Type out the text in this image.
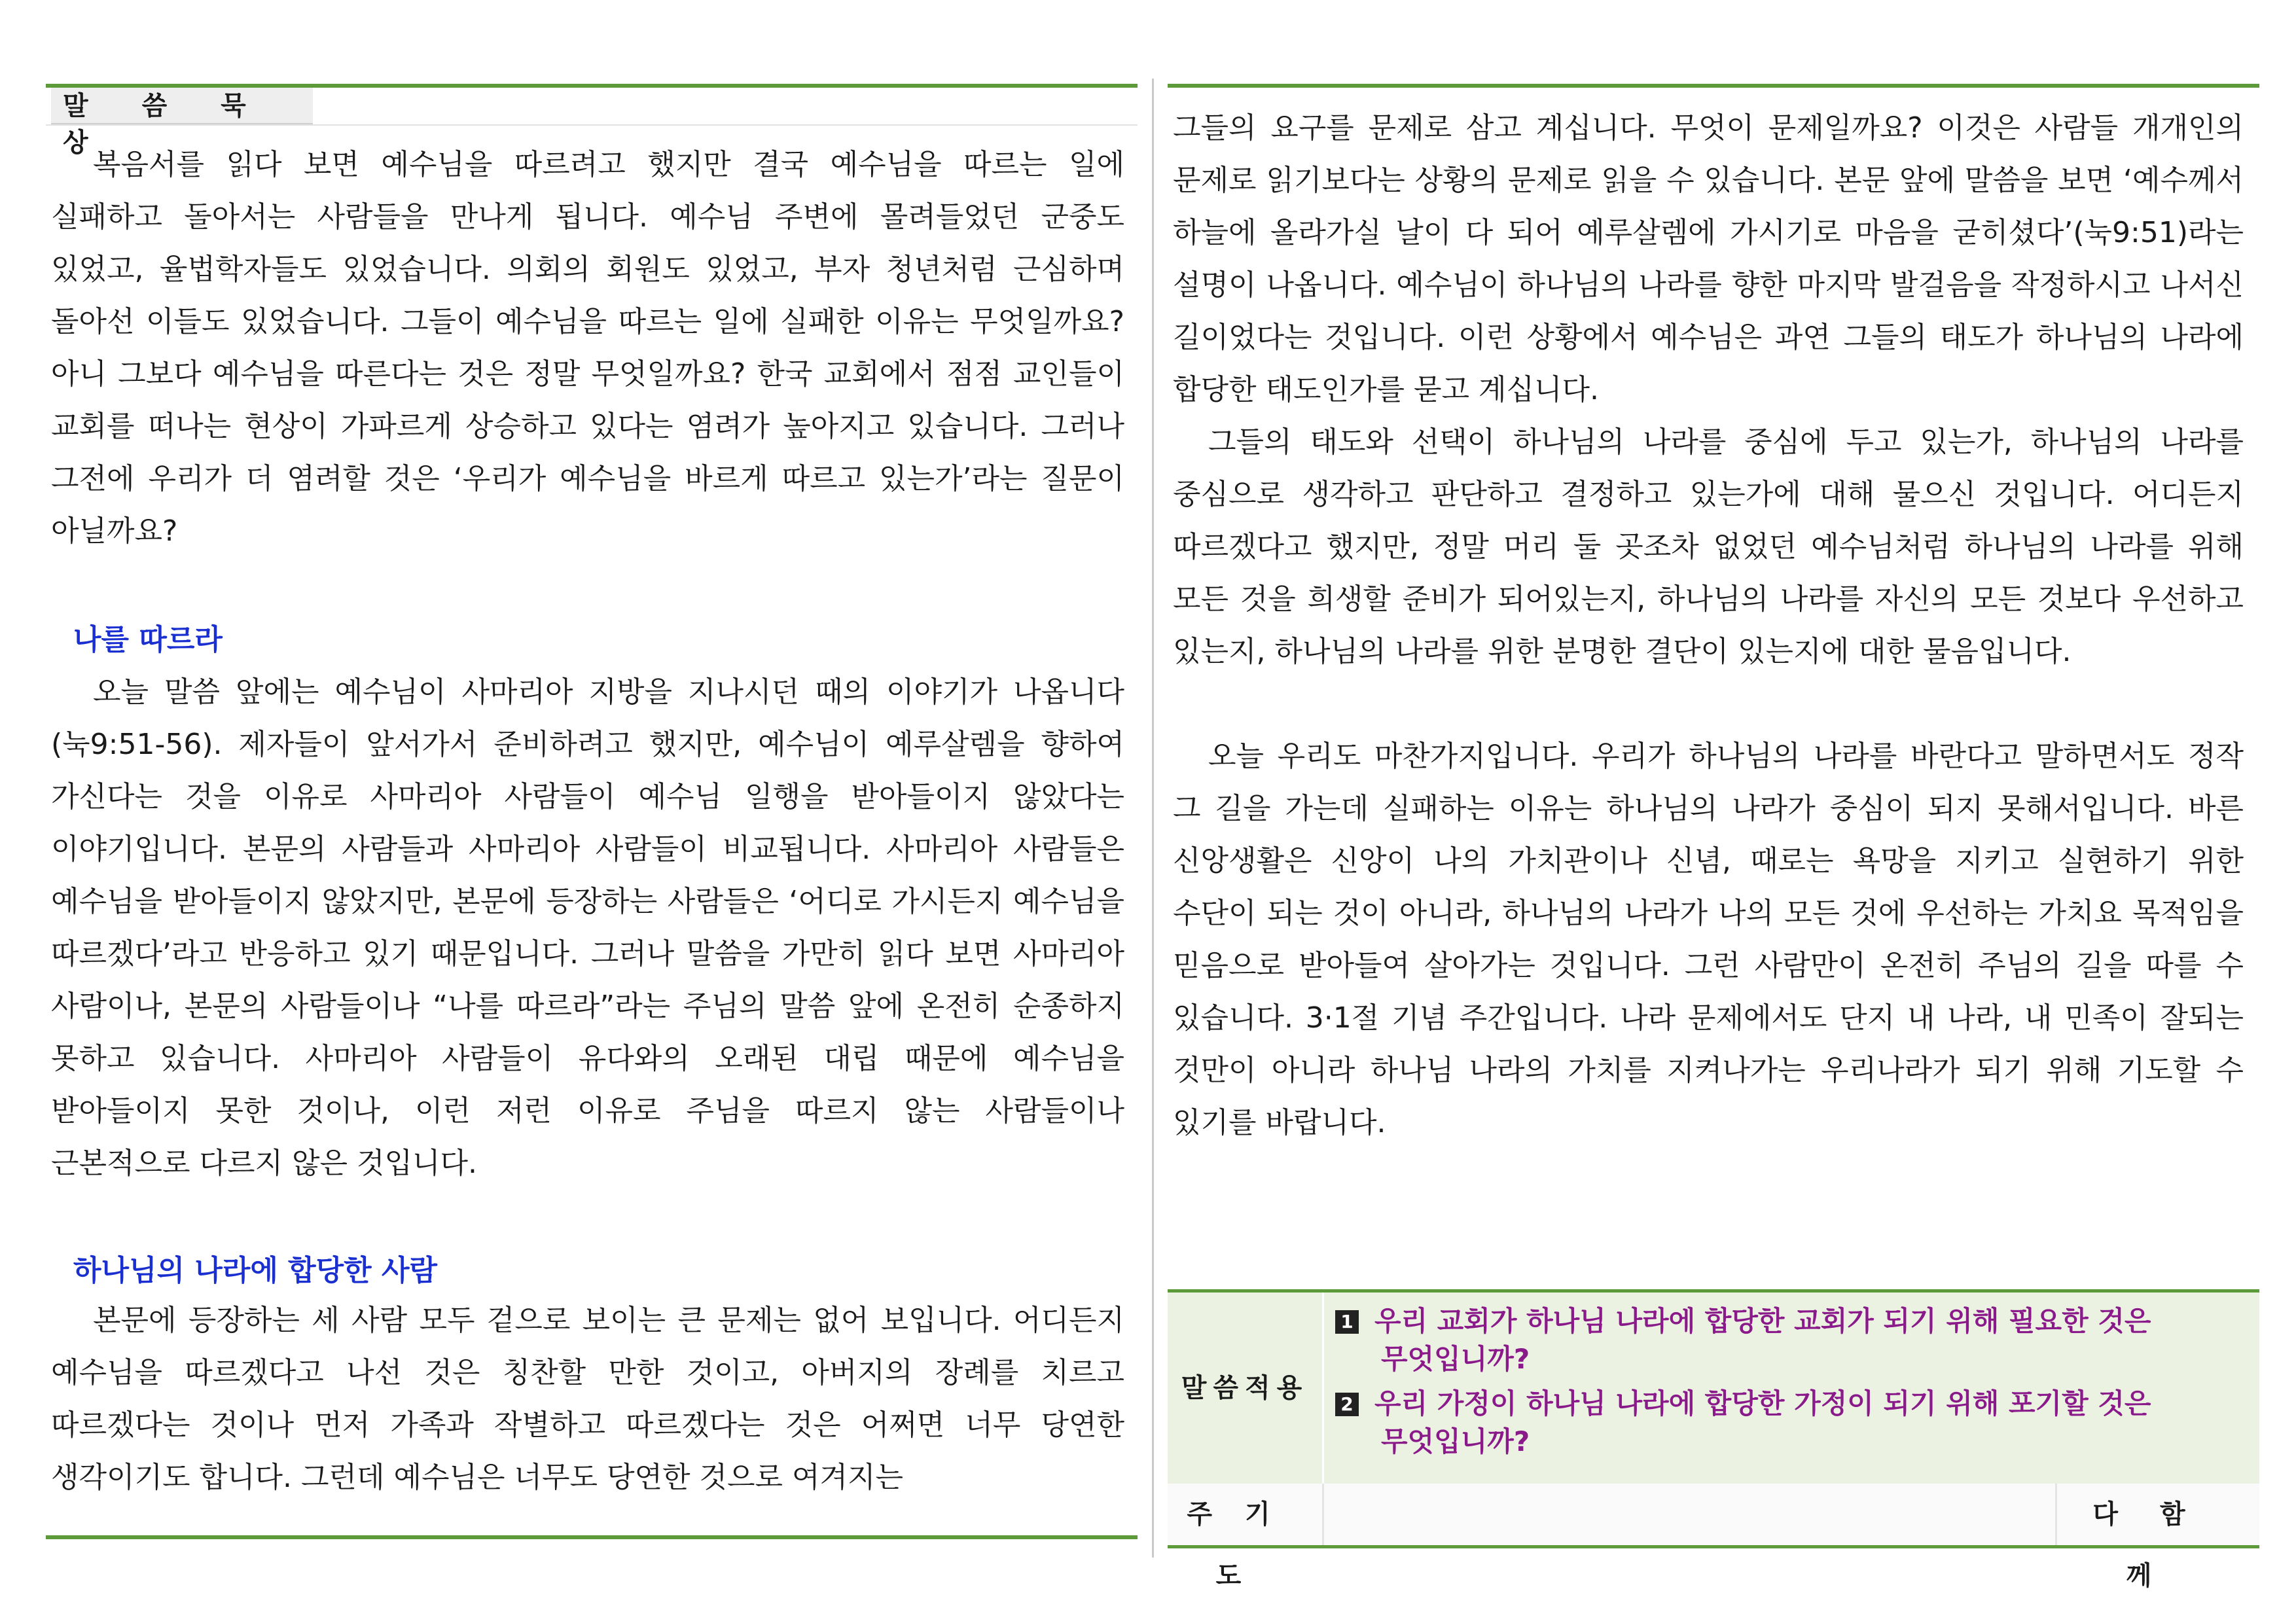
말 씀 묵 상

복음서를 읽다 보면 예수님을 따르려고 했지만 결국 예수님을 따르는 일에 실패하고 돌아서는 사람들을 만나게 됩니다. 예수님 주변에 몰려들었던 군중도 있었고, 율법학자들도 있었습니다. 의회의 회원도 있었고, 부자 청년처럼 근심하며 돌아선 이들도 있었습니다. 그들이 예수님을 따르는 일에 실패한 이유는 무엇일까요? 아니 그보다 예수님을 따른다는 것은 정말 무엇일까요? 한국 교회에서 점점 교인들이 교회를 떠나는 현상이 가파르게 상승하고 있다는 염려가 높아지고 있습니다. 그러나 그전에 우리가 더 염려할 것은 ‘우리가 예수님을 바르게 따르고 있는가’라는 질문이 아닐까요?

나를 따르라

오늘 말씀 앞에는 예수님이 사마리아 지방을 지나시던 때의 이야기가 나옵니다(눅9:51-56). 제자들이 앞서가서 준비하려고 했지만, 예수님이 예루살렘을 향하여 가신다는 것을 이유로 사마리아 사람들이 예수님 일행을 받아들이지 않았다는 이야기입니다. 본문의 사람들과 사마리아 사람들이 비교됩니다. 사마리아 사람들은 예수님을 받아들이지 않았지만, 본문에 등장하는 사람들은 ‘어디로 가시든지 예수님을 따르겠다’라고 반응하고 있기 때문입니다. 그러나 말씀을 가만히 읽다 보면 사마리아 사람이나, 본문의 사람들이나 “나를 따르라”라는 주님의 말씀 앞에 온전히 순종하지 못하고 있습니다. 사마리아 사람들이 유다와의 오래된 대립 때문에 예수님을 받아들이지 못한 것이나, 이런 저런 이유로 주님을 따르지 않는 사람들이나 근본적으로 다르지 않은 것입니다.

하나님의 나라에 합당한 사람

본문에 등장하는 세 사람 모두 겉으로 보이는 큰 문제는 없어 보입니다. 어디든지 예수님을 따르겠다고 나선 것은 칭찬할 만한 것이고, 아버지의 장례를 치르고 따르겠다는 것이나 먼저 가족과 작별하고 따르겠다는 것은 어쩌면 너무 당연한 생각이기도 합니다. 그런데 예수님은 너무도 당연한 것으로 여겨지는

그들의 요구를 문제로 삼고 계십니다. 무엇이 문제일까요? 이것은 사람들 개개인의 문제로 읽기보다는 상황의 문제로 읽을 수 있습니다. 본문 앞에 말씀을 보면 ‘예수께서 하늘에 올라가실 날이 다 되어 예루살렘에 가시기로 마음을 굳히셨다’(눅9:51)라는 설명이 나옵니다. 예수님이 하나님의 나라를 향한 마지막 발걸음을 작정하시고 나서신 길이었다는 것입니다. 이런 상황에서 예수님은 과연 그들의 태도가 하나님의 나라에 합당한 태도인가를 묻고 계십니다.

그들의 태도와 선택이 하나님의 나라를 중심에 두고 있는가, 하나님의 나라를 중심으로 생각하고 판단하고 결정하고 있는가에 대해 물으신 것입니다. 어디든지 따르겠다고 했지만, 정말 머리 둘 곳조차 없었던 예수님처럼 하나님의 나라를 위해 모든 것을 희생할 준비가 되어있는지, 하나님의 나라를 자신의 모든 것보다 우선하고 있는지, 하나님의 나라를 위한 분명한 결단이 있는지에 대한 물음입니다.

오늘 우리도 마찬가지입니다. 우리가 하나님의 나라를 바란다고 말하면서도 정작 그 길을 가는데 실패하는 이유는 하나님의 나라가 중심이 되지 못해서입니다. 바른 신앙생활은 신앙이 나의 가치관이나 신념, 때로는 욕망을 지키고 실현하기 위한 수단이 되는 것이 아니라, 하나님의 나라가 나의 모든 것에 우선하는 가치요 목적임을 믿음으로 받아들여 살아가는 것입니다. 그런 사람만이 온전히 주님의 길을 따를 수 있습니다. 3·1절 기념 주간입니다. 나라 문제에서도 단지 내 나라, 내 민족이 잘되는 것만이 아니라 하나님 나라의 가치를 지켜나가는 우리나라가 되기 위해 기도할 수 있기를 바랍니다.

말씀적용
1 우리 교회가 하나님 나라에 합당한 교회가 되기 위해 필요한 것은
무엇입니까?
2 우리 가정이 하나님 나라에 합당한 가정이 되기 위해 포기할 것은
무엇입니까?
주기도
다함께
